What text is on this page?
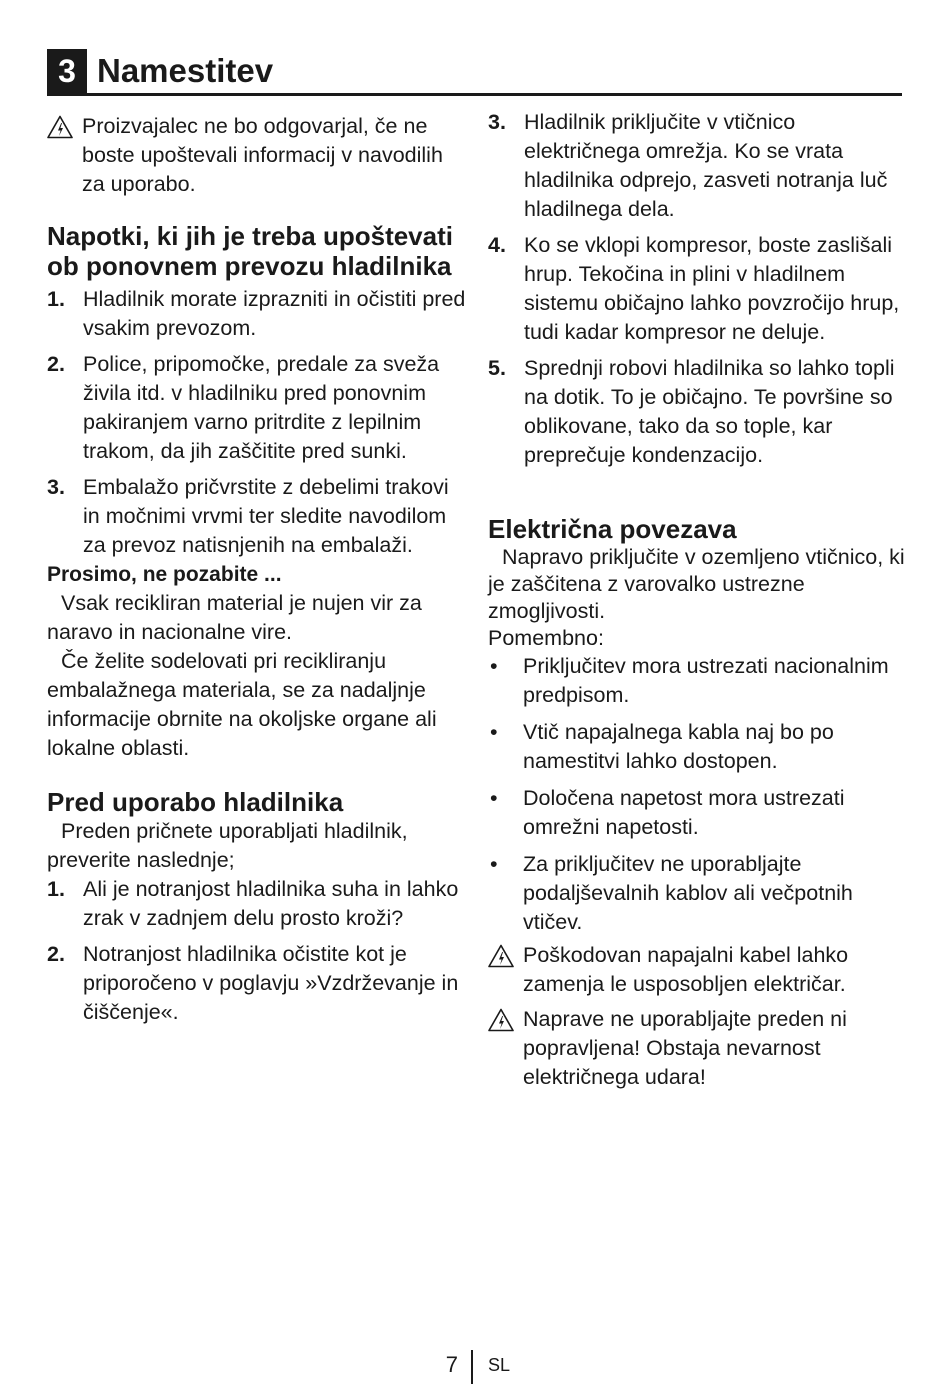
3 Namestitev
Proizvajalec ne bo odgovarjal, če ne boste upoštevali informacij v navodilih za uporabo.
Napotki, ki jih je treba upoštevati ob ponovnem prevozu hladilnika
1. Hladilnik morate izprazniti in očistiti pred vsakim prevozom.
2. Police, pripomočke, predale za sveža živila itd. v hladilniku pred ponovnim pakiranjem varno pritrdite z lepilnim trakom, da jih zaščitite pred sunki.
3. Embalažo pričvrstite z debelimi trakovi in močnimi vrvmi ter sledite navodilom za prevoz natisnjenih na embalaži.
Prosimo, ne pozabite ...
Vsak recikliran material je nujen vir za naravo in nacionalne vire.
Če želite sodelovati pri recikliranju embalažnega materiala, se za nadaljnje informacije obrnite na okoljske organe ali lokalne oblasti.
Pred uporabo hladilnika
Preden pričnete uporabljati hladilnik, preverite naslednje;
1. Ali je notranjost hladilnika suha in lahko zrak v zadnjem delu prosto kroži?
2. Notranjost hladilnika očistite kot je priporočeno v poglavju »Vzdrževanje in čiščenje«.
3. Hladilnik priključite v vtičnico električnega omrežja. Ko se vrata hladilnika odprejo, zasveti notranja luč hladilnega dela.
4. Ko se vklopi kompresor, boste zaslišali hrup. Tekočina in plini v hladilnem sistemu običajno lahko povzročijo hrup, tudi kadar kompresor ne deluje.
5. Sprednji robovi hladilnika so lahko topli na dotik. To je običajno. Te površine so oblikovane, tako da so tople, kar preprečuje kondenzacijo.
Električna povezava
Napravo priključite v ozemljeno vtičnico, ki je zaščitena z varovalko ustrezne zmogljivosti.
Pomembno:
• Priključitev mora ustrezati nacionalnim predpisom.
• Vtič napajalnega kabla naj bo po namestitvi lahko dostopen.
• Določena napetost mora ustrezati omrežni napetosti.
• Za priključitev ne uporabljajte podaljševalnih kablov ali večpotnih vtičev.
Poškodovan napajalni kabel lahko zamenja le usposobljen električar.
Naprave ne uporabljajte preden ni popravljena! Obstaja nevarnost električnega udara!
7 SL
